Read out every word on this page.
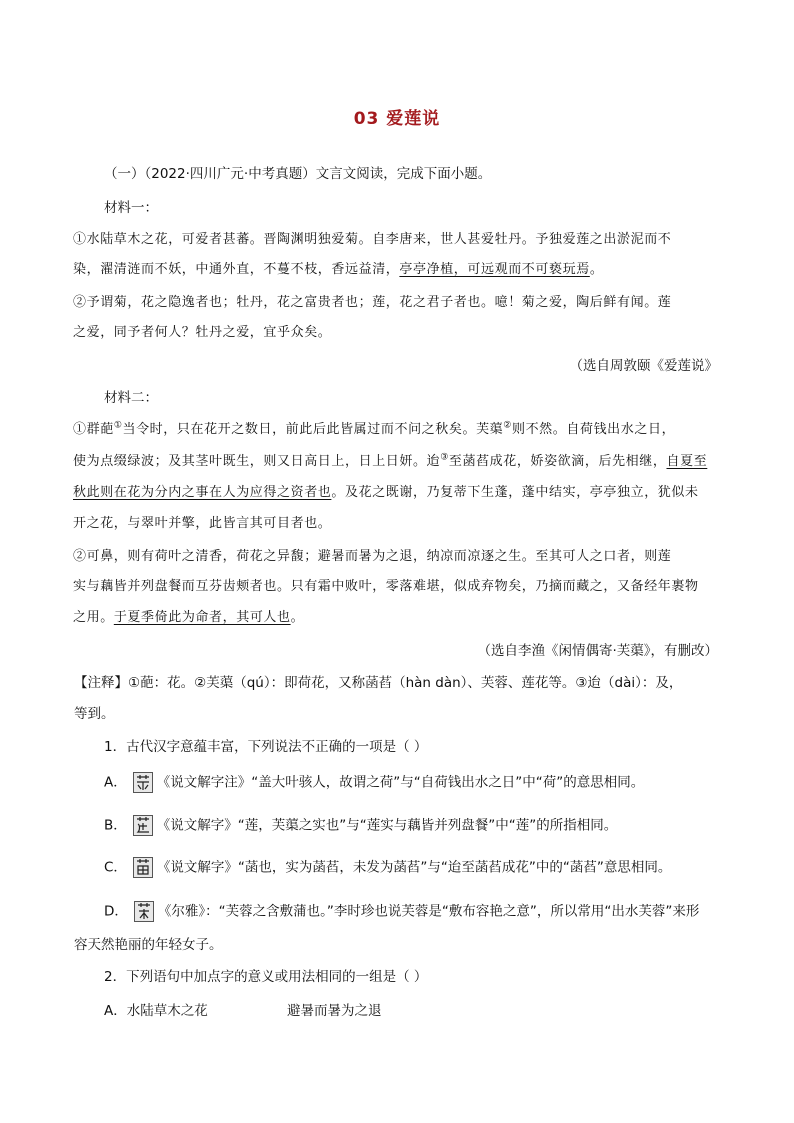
03 爱莲说
（一）（2022·四川广元·中考真题）文言文阅读，完成下面小题。
材料一：
①水陆草木之花，可爱者甚蕃。晋陶渊明独爱菊。自李唐来，世人甚爱牡丹。予独爱莲之出淤泥而不
染，濯清涟而不妖，中通外直，不蔓不枝，香远益清，亭亭净植，可远观而不可亵玩焉。
②予谓菊，花之隐逸者也；牡丹，花之富贵者也；莲，花之君子者也。噫！菊之爱，陶后鲜有闻。莲
之爱，同予者何人？牡丹之爱，宜乎众矣。
（选自周敦颐《爱莲说》
材料二：
①群葩①当令时，只在花开之数日，前此后此皆属过而不问之秋矣。芙蕖②则不然。自荷钱出水之日，
使为点缀绿波；及其茎叶既生，则又日高日上，日上日妍。迨③至菡萏成花，娇姿欲滴，后先相继，自夏至
秋此则在花为分内之事在人为应得之资者也。及花之既谢，乃复蒂下生蓬，蓬中结实，亭亭独立，犹似未
开之花，与翠叶并擎，此皆言其可目者也。
②可鼻，则有荷叶之清香，荷花之异馥；避暑而暑为之退，纳凉而凉逐之生。至其可人之口者，则莲
实与藕皆并列盘餐而互芬齿颊者也。只有霜中败叶，零落难堪，似成弃物矣，乃摘而藏之，又备经年裹物
之用。于夏季倚此为命者，其可人也。
（选自李渔《闲情偶寄·芙蕖》，有删改）
【注释】①葩：花。②芙蕖（qú）：即荷花，又称菡萏（hàn dàn）、芙蓉、莲花等。③迨（dài）：及，
等到。
1．古代汉字意蕴丰富，下列说法不正确的一项是（ ）
A． 《说文解字注》“盖大叶骇人，故谓之荷”与“自荷钱出水之日”中“荷”的意思相同。
B． 《说文解字》“莲，芙蕖之实也”与“莲实与藕皆并列盘餐”中“莲”的所指相同。
C． 《说文解字》“菡也，实为菡萏，未发为菡萏”与“迨至菡萏成花”中的“菡萏”意思相同。
D． 《尔雅》：“芙蓉之含敷蒲也。”李时珍也说芙蓉是“敷布容艳之意”，所以常用“出水芙蓉”来形
容天然艳丽的年轻女子。
2．下列语句中加点字的意义或用法相同的一组是（ ）
A．水陆草木之花	避暑而暑为之退
